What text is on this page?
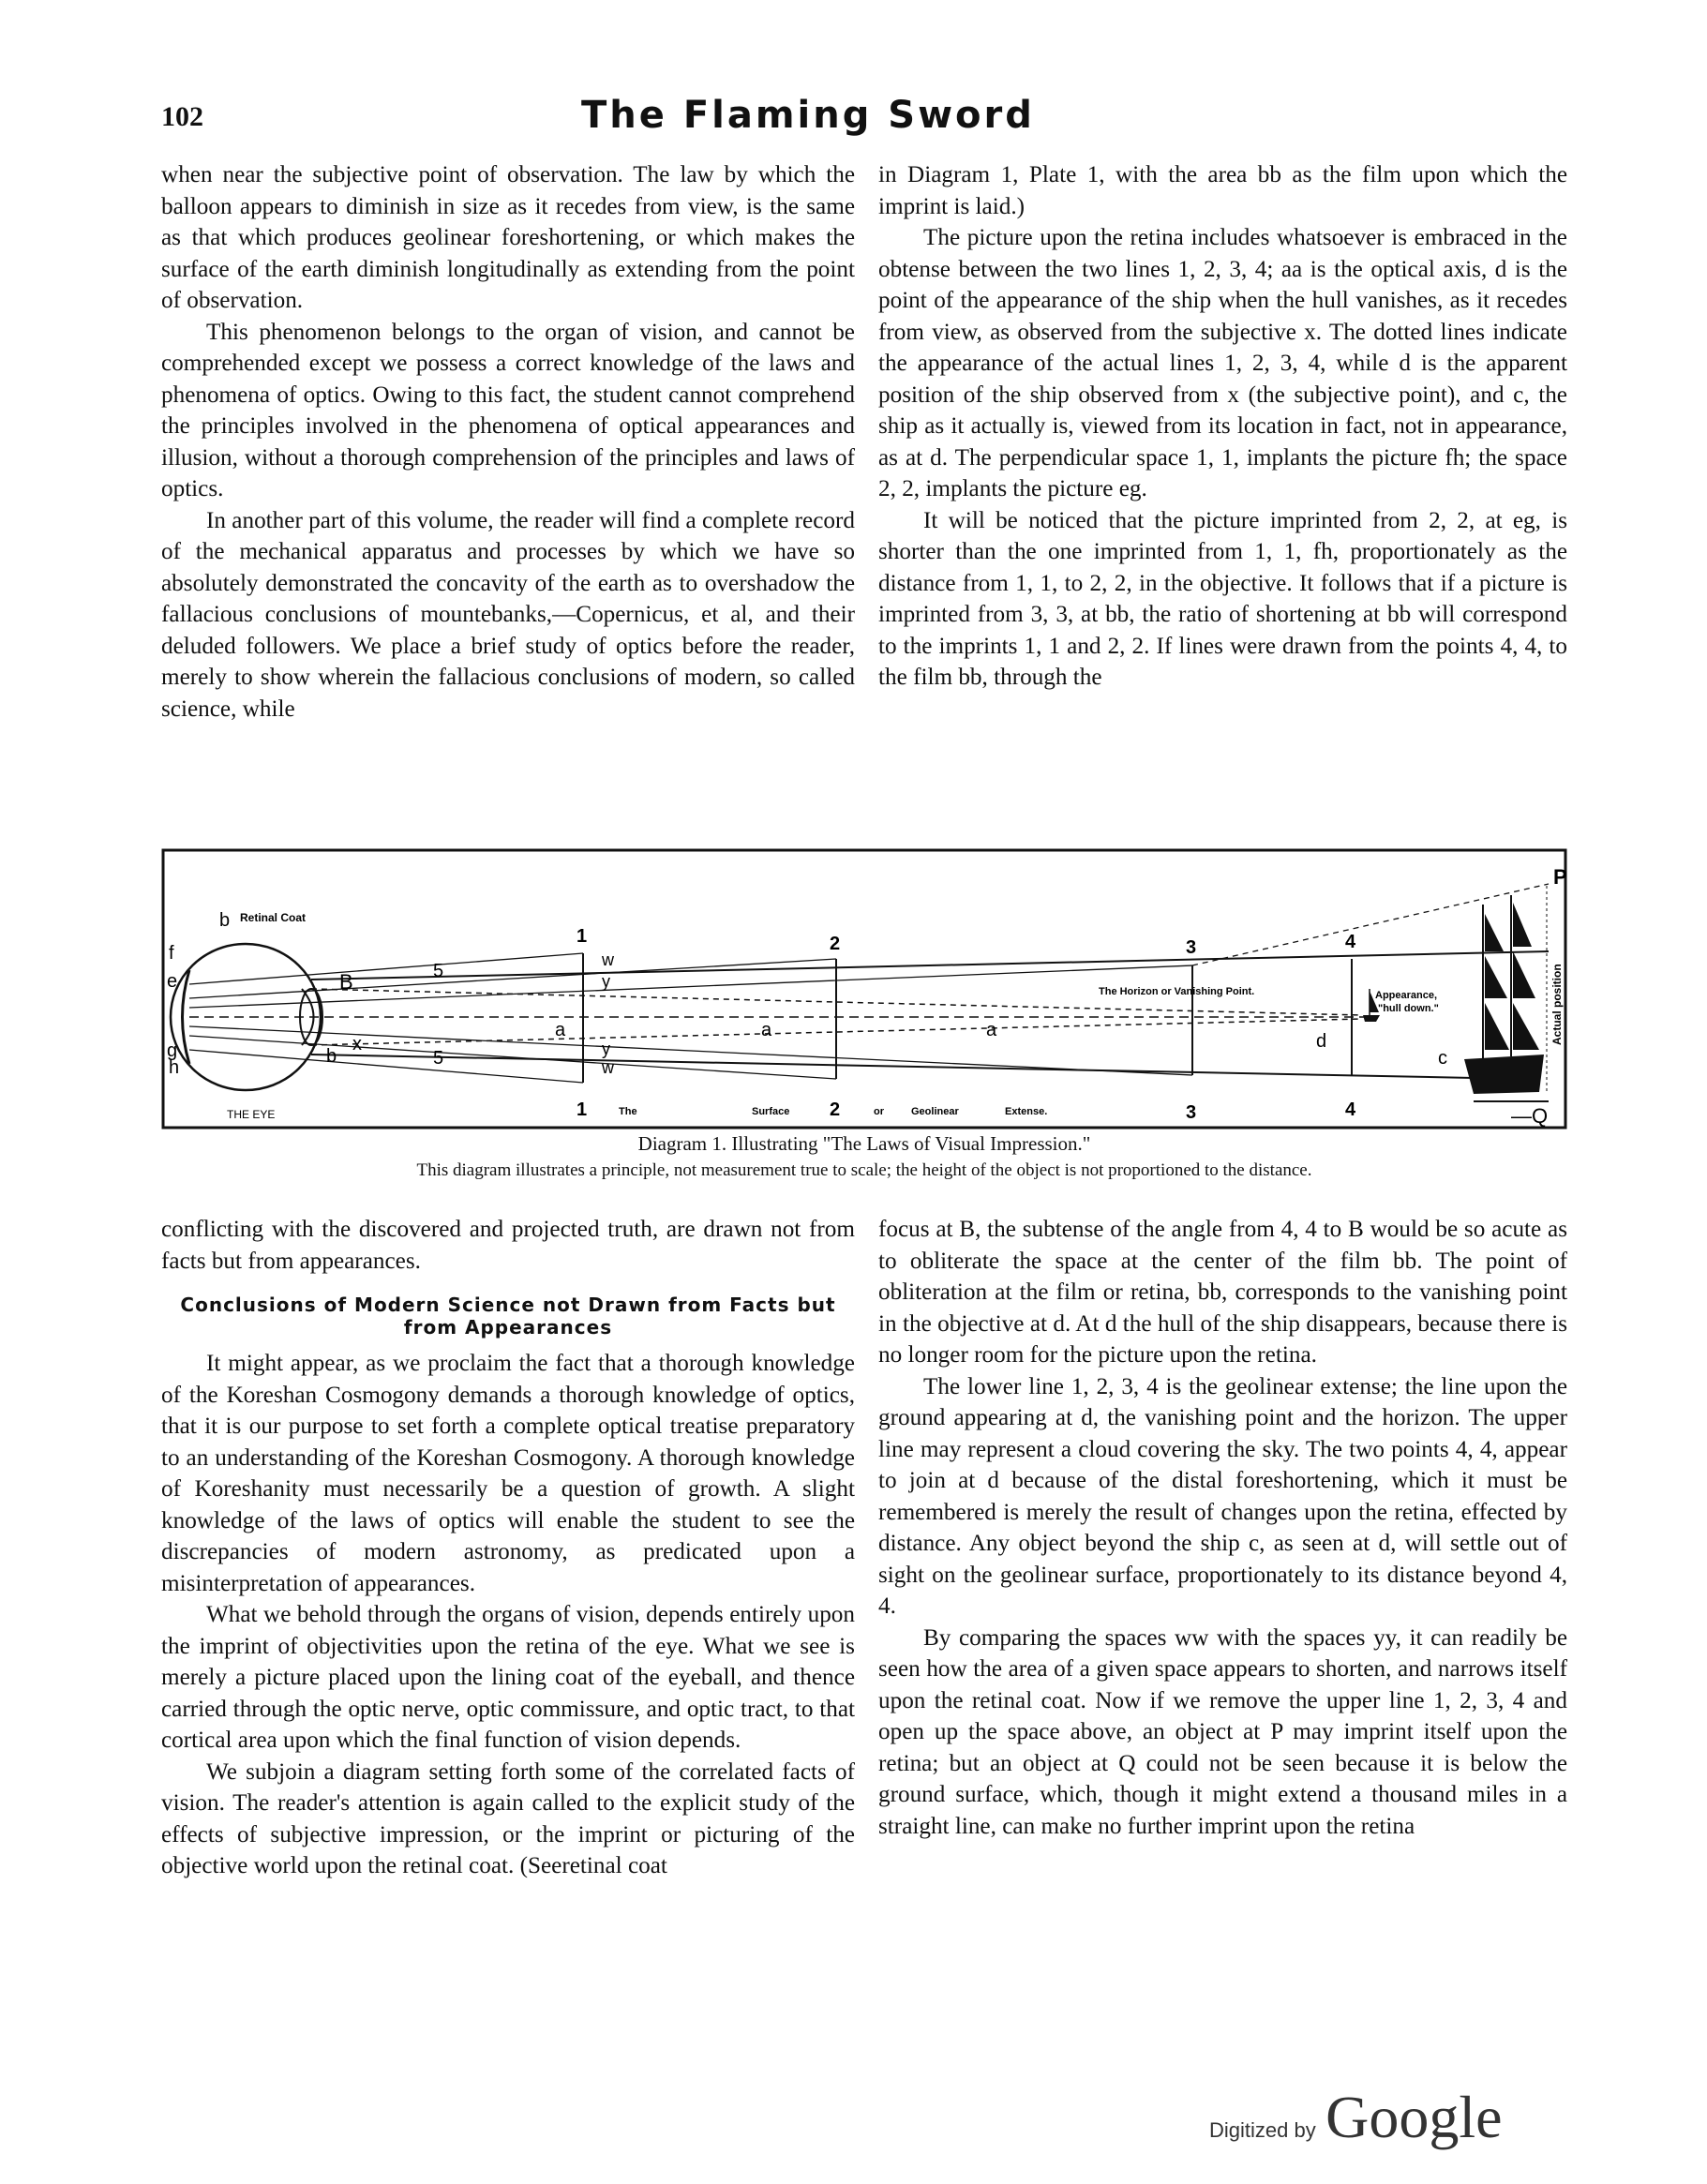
102	The Flaming Sword

when near the subjective point of observation. The law by which the balloon appears to diminish in size as it recedes from view, is the same as that which produces geolinear foreshortening, or which makes the surface of the earth diminish longitudinally as extending from the point of observation.

This phenomenon belongs to the organ of vision, and cannot be comprehended except we possess a correct knowledge of the laws and phenomena of optics. Owing to this fact, the student cannot comprehend the principles involved in the phenomena of optical appearances and illusion, without a thorough comprehension of the principles and laws of optics.

In another part of this volume, the reader will find a complete record of the mechanical apparatus and processes by which we have so absolutely demonstrated the concavity of the earth as to overshadow the fallacious conclusions of mountebanks,—Copernicus, et al, and their deluded followers. We place a brief study of optics before the reader, merely to show wherein the fallacious conclusions of modern, so called science, while

in Diagram 1, Plate 1, with the area bb as the film upon which the imprint is laid.)

The picture upon the retina includes whatsoever is embraced in the obtense between the two lines 1, 2, 3, 4; aa is the optical axis, d is the point of the appearance of the ship when the hull vanishes, as it recedes from view, as observed from the subjective x. The dotted lines indicate the appearance of the actual lines 1, 2, 3, 4, while d is the apparent position of the ship observed from x (the subjective point), and c, the ship as it actually is, viewed from its location in fact, not in appearance, as at d. The perpendicular space 1, 1, implants the picture fh; the space 2, 2, implants the picture eg.

It will be noticed that the picture imprinted from 2, 2, at eg, is shorter than the one imprinted from 1, 1, fh, proportionately as the distance from 1, 1, to 2, 2, in the objective. It follows that if a picture is imprinted from 3, 3, at bb, the ratio of shortening at bb will correspond to the imprints 1, 1 and 2, 2. If lines were drawn from the points 4, 4, to the film bb, through the

1	2	3	4
1	2	3	4
b
f
e
g
h
b
B
x
5
5
w
y
y
w
a	a	a
d
c
P
—Q
Retinal Coat
THE EYE
The Horizon or Vanishing Point.	Appearance,
"hull down."	Actual position
The	Surface	or	Geolinear	Extense.
Diagram 1. Illustrating "The Laws of Visual Impression."
This diagram illustrates a principle, not measurement true to scale; the height of the object is not proportioned to the distance.

conflicting with the discovered and projected truth, are drawn not from facts but from appearances.

Conclusions of Modern Science not Drawn from Facts but from Appearances

It might appear, as we proclaim the fact that a thorough knowledge of the Koreshan Cosmogony demands a thorough knowledge of optics, that it is our purpose to set forth a complete optical treatise preparatory to an understanding of the Koreshan Cosmogony. A thorough knowledge of Koreshanity must necessarily be a question of growth. A slight knowledge of the laws of optics will enable the student to see the discrepancies of modern astronomy, as predicated upon a misinterpretation of appearances.

What we behold through the organs of vision, depends entirely upon the imprint of objectivities upon the retina of the eye. What we see is merely a picture placed upon the lining coat of the eyeball, and thence carried through the optic nerve, optic commissure, and optic tract, to that cortical area upon which the final function of vision depends.

We subjoin a diagram setting forth some of the correlated facts of vision. The reader's attention is again called to the explicit study of the effects of subjective impression, or the imprint or picturing of the objective world upon the retinal coat. (Seeretinal coat

focus at B, the subtense of the angle from 4, 4 to B would be so acute as to obliterate the space at the center of the film bb. The point of obliteration at the film or retina, bb, corresponds to the vanishing point in the objective at d. At d the hull of the ship disappears, because there is no longer room for the picture upon the retina.

The lower line 1, 2, 3, 4 is the geolinear extense; the line upon the ground appearing at d, the vanishing point and the horizon. The upper line may represent a cloud covering the sky. The two points 4, 4, appear to join at d because of the distal foreshortening, which it must be remembered is merely the result of changes upon the retina, effected by distance. Any object beyond the ship c, as seen at d, will settle out of sight on the geolinear surface, proportionately to its distance beyond 4, 4.

By comparing the spaces ww with the spaces yy, it can readily be seen how the area of a given space appears to shorten, and narrows itself upon the retinal coat. Now if we remove the upper line 1, 2, 3, 4 and open up the space above, an object at P may imprint itself upon the retina; but an object at Q could not be seen because it is below the ground surface, which, though it might extend a thousand miles in a straight line, can make no further imprint upon the retina

Digitized by Google
